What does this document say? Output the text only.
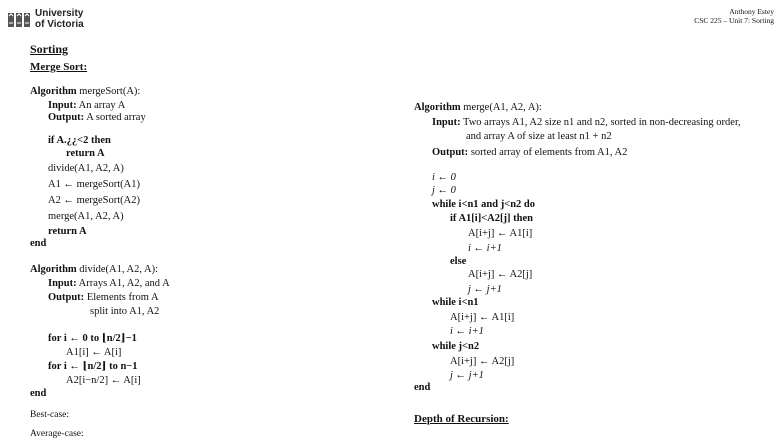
University
of Victoria
Anthony Estey
CSC 225 – Unit 7: Sorting
Sorting
Merge Sort:
Algorithm mergeSort(A):
Input: An array A
Output: A sorted array
if A.¿¿<2 then
return A
divide(A1, A2, A)
A1 ← mergeSort(A1)
A2 ← mergeSort(A2)
merge(A1, A2, A)
return A
end
Algorithm divide(A1, A2, A):
Input: Arrays A1, A2, and A
Output: Elements from A
split into A1, A2
for i ← 0 to ⌊n/2⌋−1
A1[i] ← A[i]
for i ← ⌊n/2⌋ to n−1
A2[i−n/2] ← A[i]
end
Best-case:
Average-case:
Algorithm merge(A1, A2, A):
Input: Two arrays A1, A2 size n1 and n2, sorted in non-decreasing order,
and array A of size at least n1 + n2
Output: sorted array of elements from A1, A2
i ← 0
j ← 0
while i<n1 and j<n2 do
if A1[i]<A2[j] then
A[i+j] ← A1[i]
i ← i+1
else
A[i+j] ← A2[j]
j ← j+1
while i<n1
A[i+j] ← A1[i]
i ← i+1
while j<n2
A[i+j] ← A2[j]
j ← j+1
end
Depth of Recursion:
